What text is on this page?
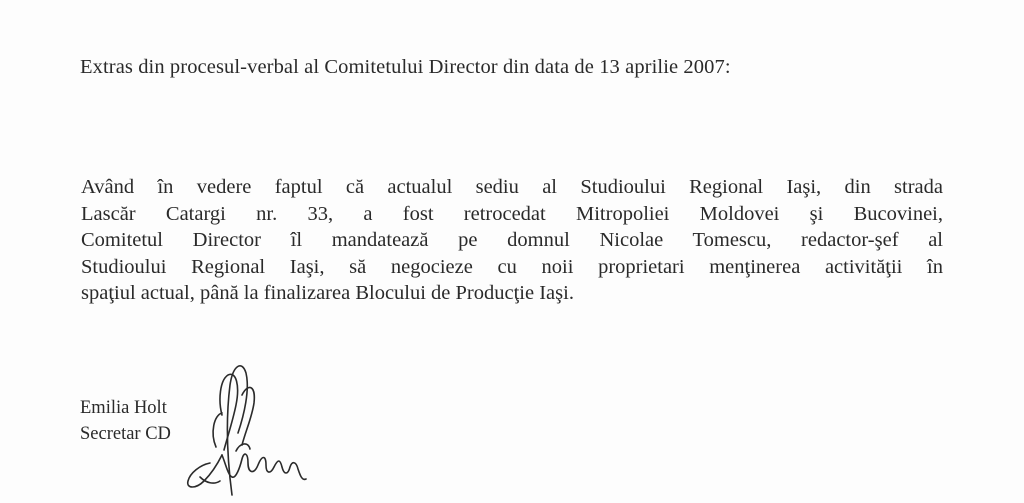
Extras din procesul-verbal al Comitetului Director din data de 13 aprilie 2007:
Având în vedere faptul că actualul sediu al Studioului Regional Iaşi, din strada
Lascăr Catargi nr. 33, a fost retrocedat Mitropoliei Moldovei şi Bucovinei,
Comitetul Director îl mandatează pe domnul Nicolae Tomescu, redactor-şef al
Studioului Regional Iaşi, să negocieze cu noii proprietari menţinerea activităţii în
spaţiul actual, până la finalizarea Blocului de Producţie Iaşi.
Emilia Holt
Secretar CD
